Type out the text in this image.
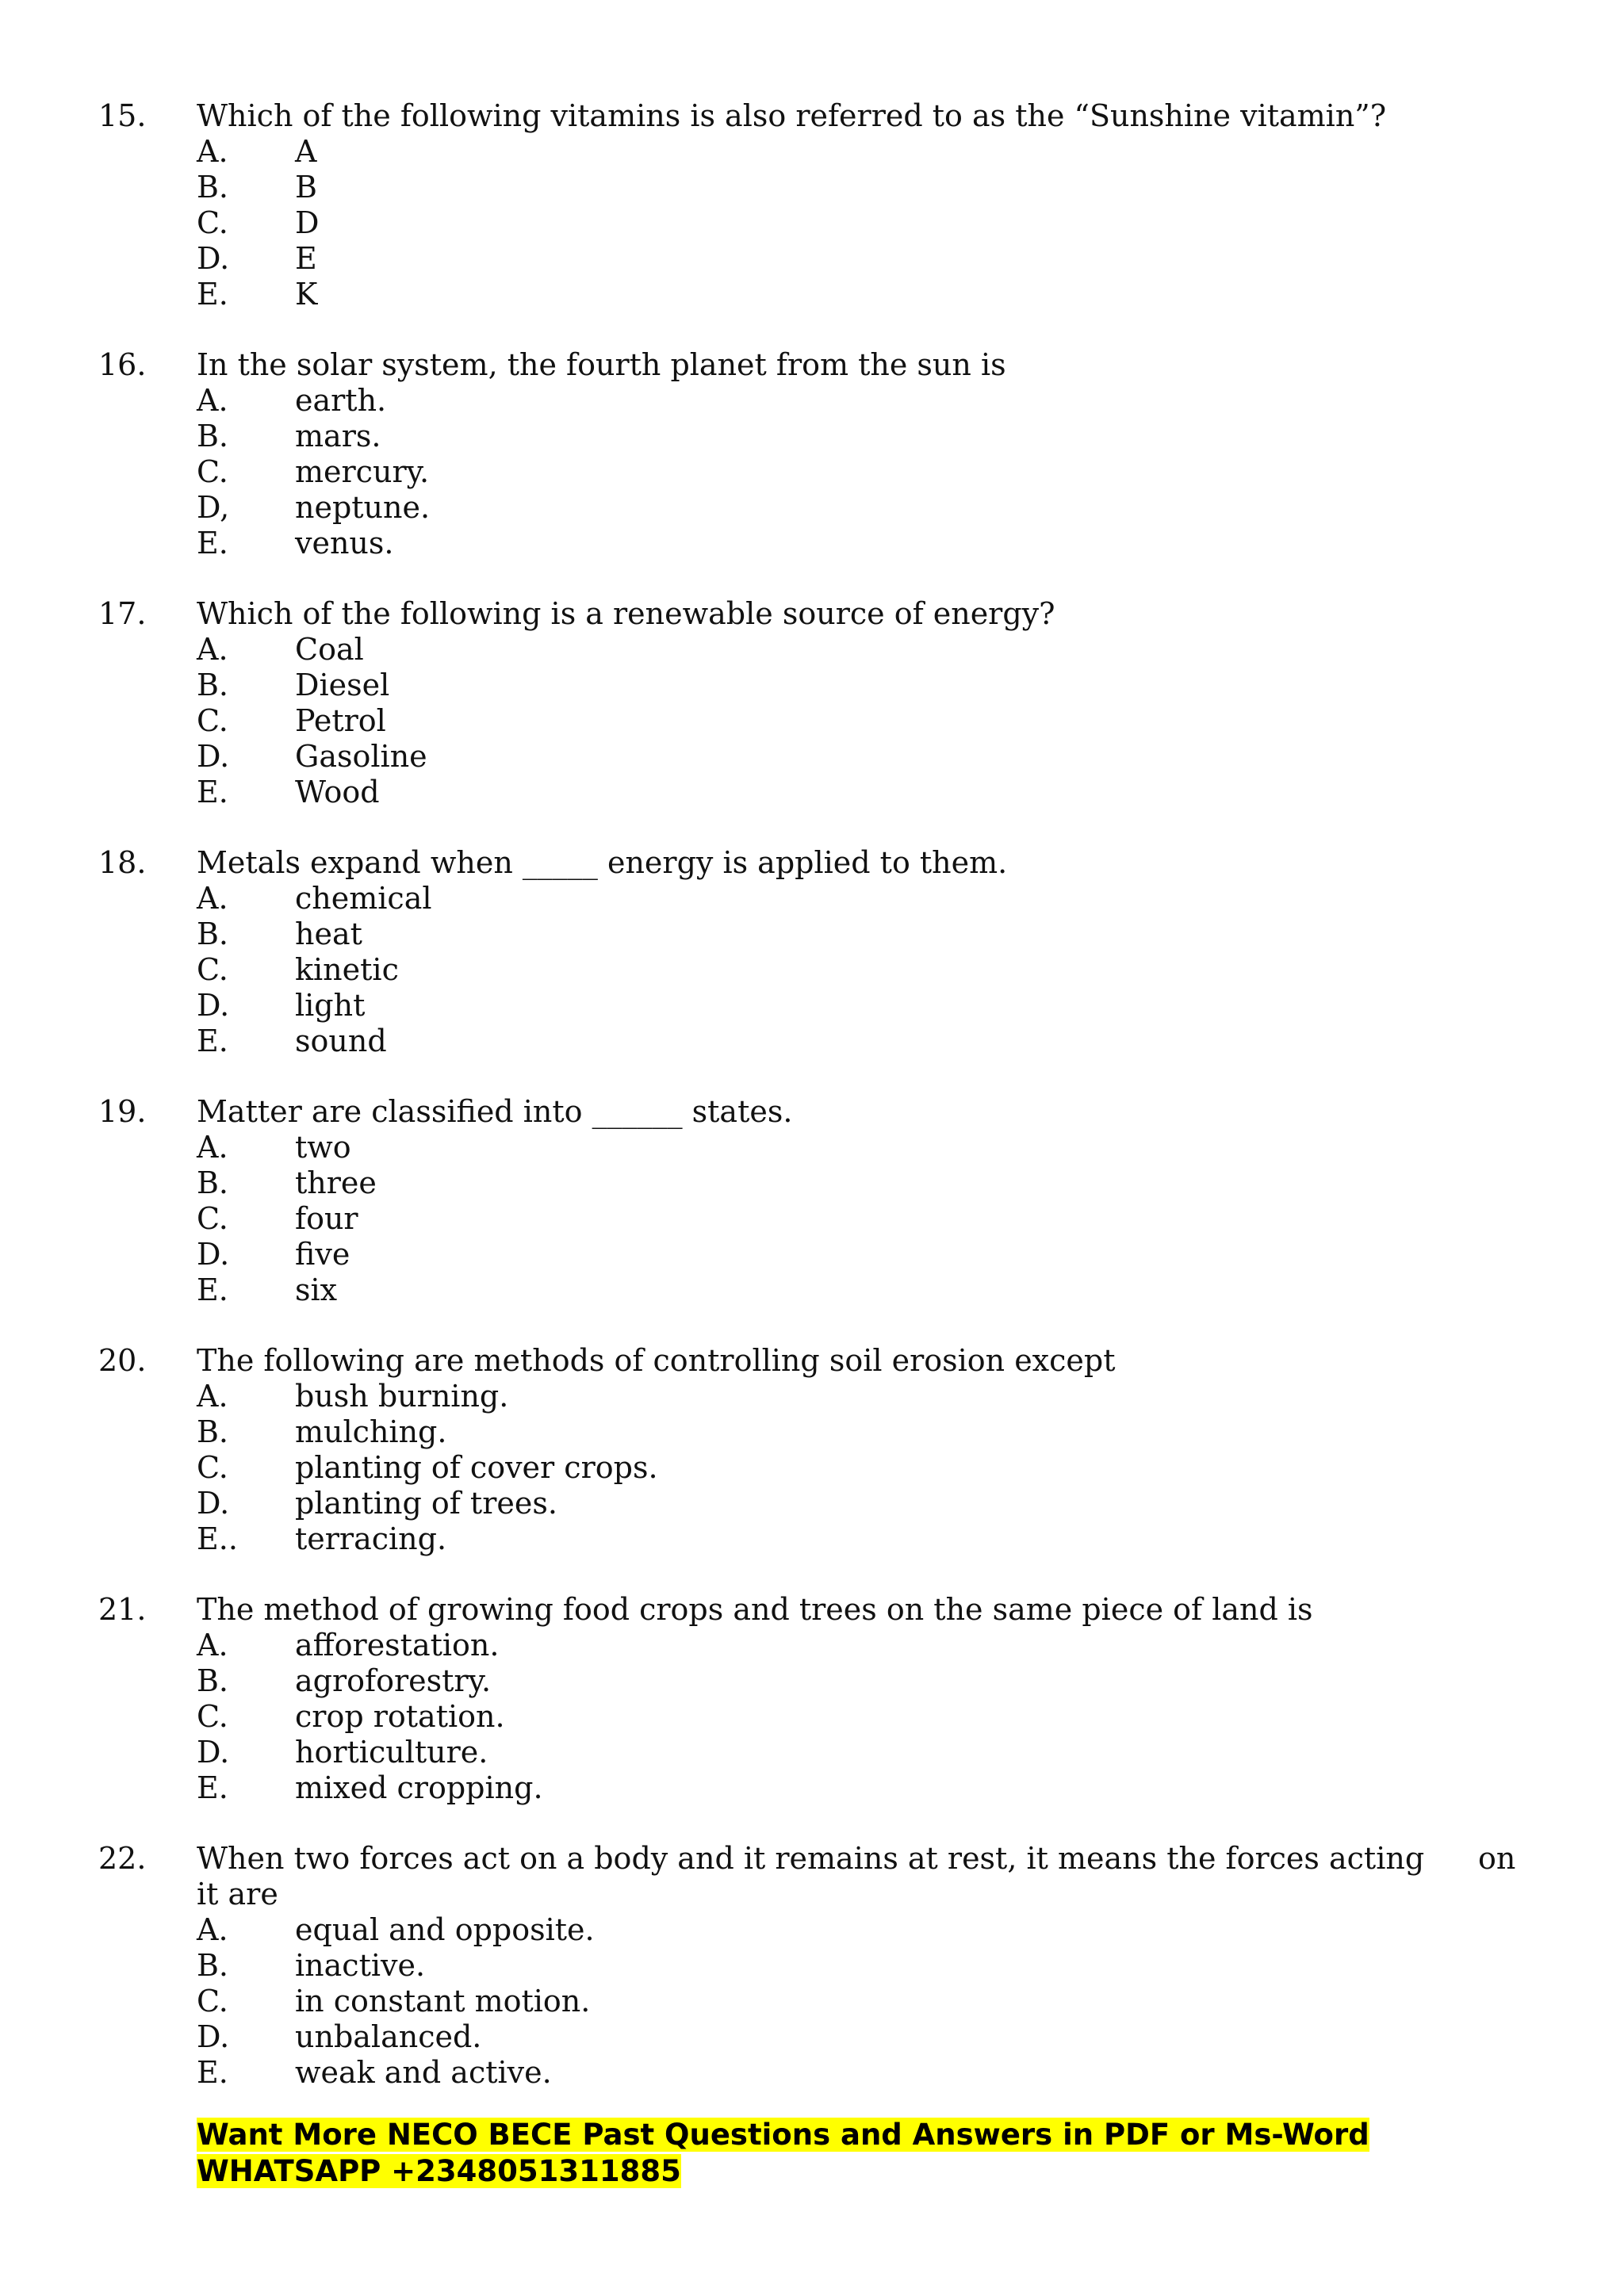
15. Which of the following vitamins is also referred to as the “Sunshine vitamin”?
A. A
B. B
C. D
D. E
E. K
16. In the solar system, the fourth planet from the sun is
A. earth.
B. mars.
C. mercury.
D, neptune.
E. venus.
17. Which of the following is a renewable source of energy?
A. Coal
B. Diesel
C. Petrol
D. Gasoline
E. Wood
18. Metals expand when _____ energy is applied to them.
A. chemical
B. heat
C. kinetic
D. light
E. sound
19. Matter are classified into ______ states.
A. two
B. three
C. four
D. five
E. six
20. The following are methods of controlling soil erosion except
A. bush burning.
B. mulching.
C. planting of cover crops.
D. planting of trees.
E.. terracing.
21. The method of growing food crops and trees on the same piece of land is
A. afforestation.
B. agroforestry.
C. crop rotation.
D. horticulture.
E. mixed cropping.
22. When two forces act on a body and it remains at rest, it means the forces acting on
it are
A. equal and opposite.
B. inactive.
C. in constant motion.
D. unbalanced.
E. weak and active.
Want More NECO BECE Past Questions and Answers in PDF or Ms-Word
WHATSAPP +2348051311885
